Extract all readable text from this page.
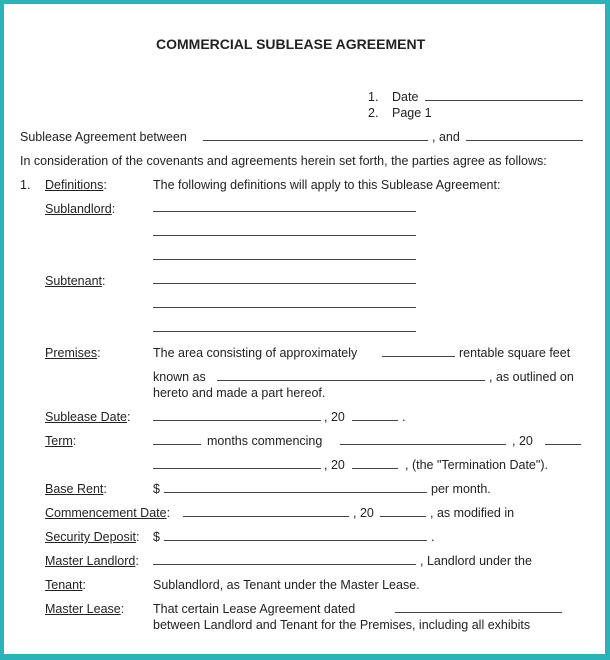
COMMERCIAL SUBLEASE AGREEMENT
1. Date
2. Page 1
Sublease Agreement between	, and
In consideration of the covenants and agreements herein set forth, the parties agree as follows:
1. Definitions:	The following definitions will apply to this Sublease Agreement:
Sublandlord:
Subtenant:
Premises:	The area consisting of approximately	rentable square feet
known as	, as outlined on
hereto and made a part hereof.
Sublease Date:	, 20	.
Term:	months commencing	, 20
, 20	, (the "Termination Date").
Base Rent:	$	per month.
Commencement Date:	, 20	, as modified in
Security Deposit: $	.
Master Landlord:	, Landlord under the
Tenant:	Sublandlord, as Tenant under the Master Lease.
Master Lease: That certain Lease Agreement dated
between Landlord and Tenant for the Premises, including all exhibits
